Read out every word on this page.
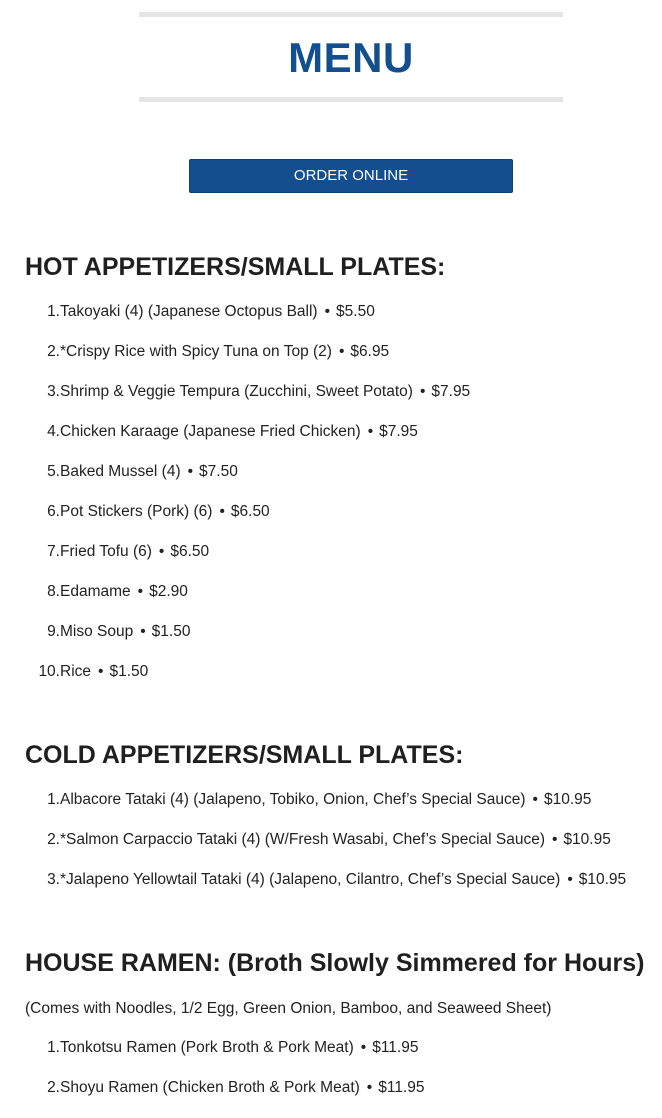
MENU
ORDER ONLINE
HOT APPETIZERS/SMALL PLATES:
1. Takoyaki (4) (Japanese Octopus Ball) • $5.50
2. *Crispy Rice with Spicy Tuna on Top (2) • $6.95
3. Shrimp & Veggie Tempura (Zucchini, Sweet Potato) • $7.95
4. Chicken Karaage (Japanese Fried Chicken) • $7.95
5. Baked Mussel (4) • $7.50
6. Pot Stickers (Pork) (6) • $6.50
7. Fried Tofu (6) • $6.50
8. Edamame • $2.90
9. Miso Soup • $1.50
10. Rice • $1.50
COLD APPETIZERS/SMALL PLATES:
1. Albacore Tataki (4) (Jalapeno, Tobiko, Onion, Chef’s Special Sauce) • $10.95
2. *Salmon Carpaccio Tataki (4) (W/Fresh Wasabi, Chef’s Special Sauce) • $10.95
3. *Jalapeno Yellowtail Tataki (4) (Jalapeno, Cilantro, Chef’s Special Sauce) • $10.95
HOUSE RAMEN: (Broth Slowly Simmered for Hours)

(Comes with Noodles, 1/2 Egg, Green Onion, Bamboo, and Seaweed Sheet)

1. Tonkotsu Ramen (Pork Broth & Pork Meat) • $11.95
2. Shoyu Ramen (Chicken Broth & Pork Meat) • $11.95
